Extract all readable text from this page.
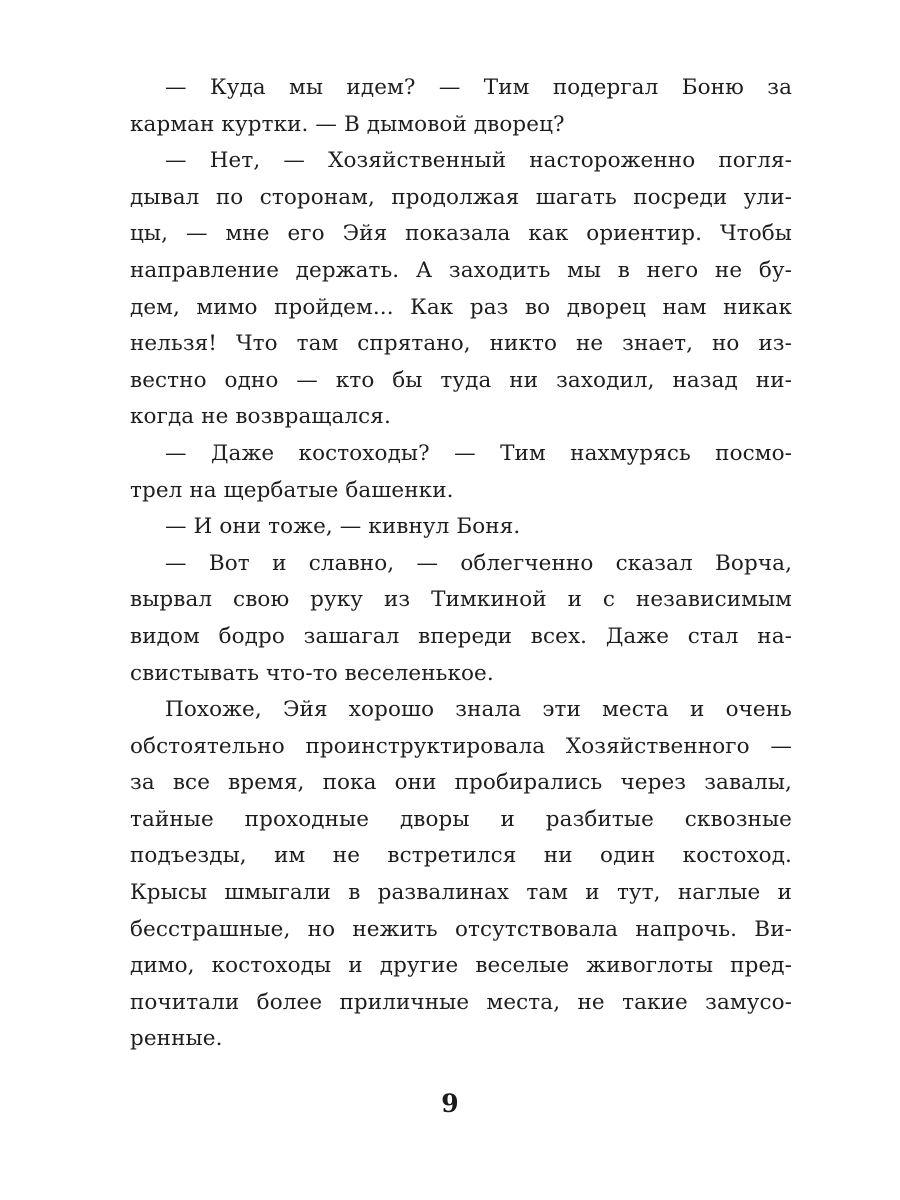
— Куда мы идем? — Тим подергал Боню за
карман куртки. — В дымовой дворец?
— Нет, — Хозяйственный настороженно погля-
дывал по сторонам, продолжая шагать посреди ули-
цы, — мне его Эйя показала как ориентир. Чтобы
направление держать. А заходить мы в него не бу-
дем, мимо пройдем... Как раз во дворец нам никак
нельзя! Что там спрятано, никто не знает, но из-
вестно одно — кто бы туда ни заходил, назад ни-
когда не возвращался.
— Даже костоходы? — Тим нахмурясь посмо-
трел на щербатые башенки.
— И они тоже, — кивнул Боня.
— Вот и славно, — облегченно сказал Ворча,
вырвал свою руку из Тимкиной и с независимым
видом бодро зашагал впереди всех. Даже стал на-
свистывать что-то веселенькое.
Похоже, Эйя хорошо знала эти места и очень
обстоятельно проинструктировала Хозяйственного —
за все время, пока они пробирались через завалы,
тайные проходные дворы и разбитые сквозные
подъезды, им не встретился ни один костоход.
Крысы шмыгали в развалинах там и тут, наглые и
бесстрашные, но нежить отсутствовала напрочь. Ви-
димо, костоходы и другие веселые живоглоты пред-
почитали более приличные места, не такие замусо-
ренные.
9
